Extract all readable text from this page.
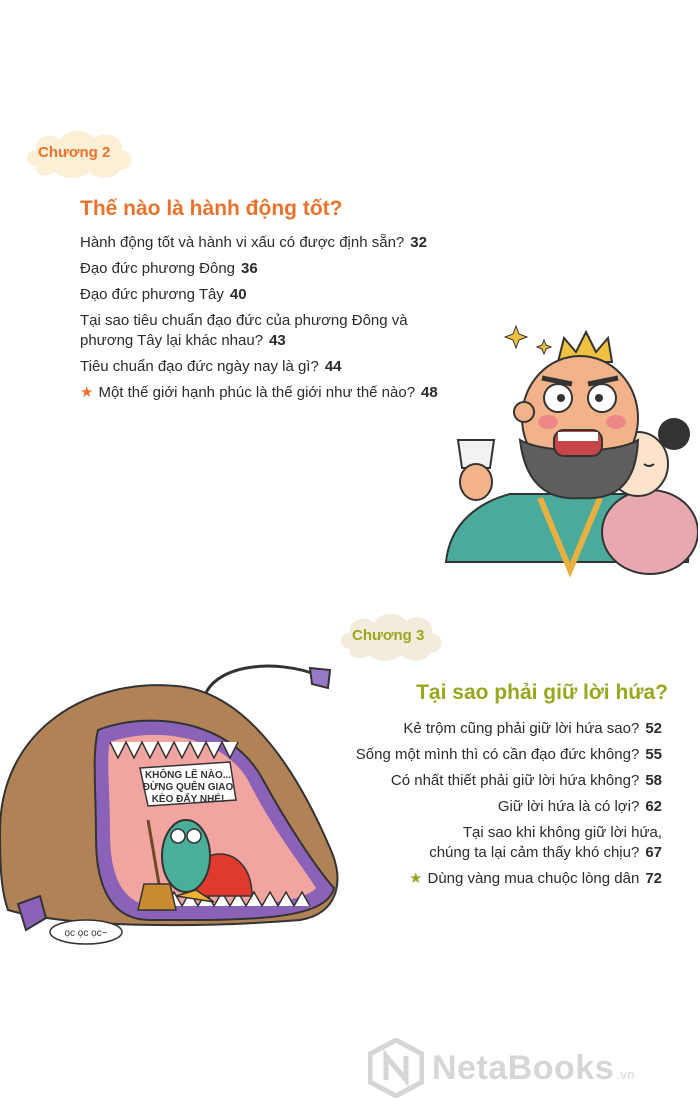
Chương 2
Thế nào là hành động tốt?
Hành động tốt và hành vi xấu có được định sẵn? 32
Đạo đức phương Đông 36
Đạo đức phương Tây 40
Tại sao tiêu chuẩn đạo đức của phương Đông và
phương Tây lại khác nhau? 43
Tiêu chuẩn đạo đức ngày nay là gì? 44
★ Một thế giới hạnh phúc là thế giới như thế nào? 48
Chương 3
Tại sao phải giữ lời hứa?
Kẻ trộm cũng phải giữ lời hứa sao? 52
Sống một mình thì có cần đạo đức không? 55
Có nhất thiết phải giữ lời hứa không? 58
Giữ lời hứa là có lợi? 62
Tại sao khi không giữ lời hứa,
chúng ta lại cảm thấy khó chịu? 67
★ Dùng vàng mua chuộc lòng dân 72
KHÔNG LẼ NÀO...
ĐỪNG QUÊN GIAO
KÈO ĐẤY NHÉ!
ọc ọc ọc~
NetaBooks .vn
